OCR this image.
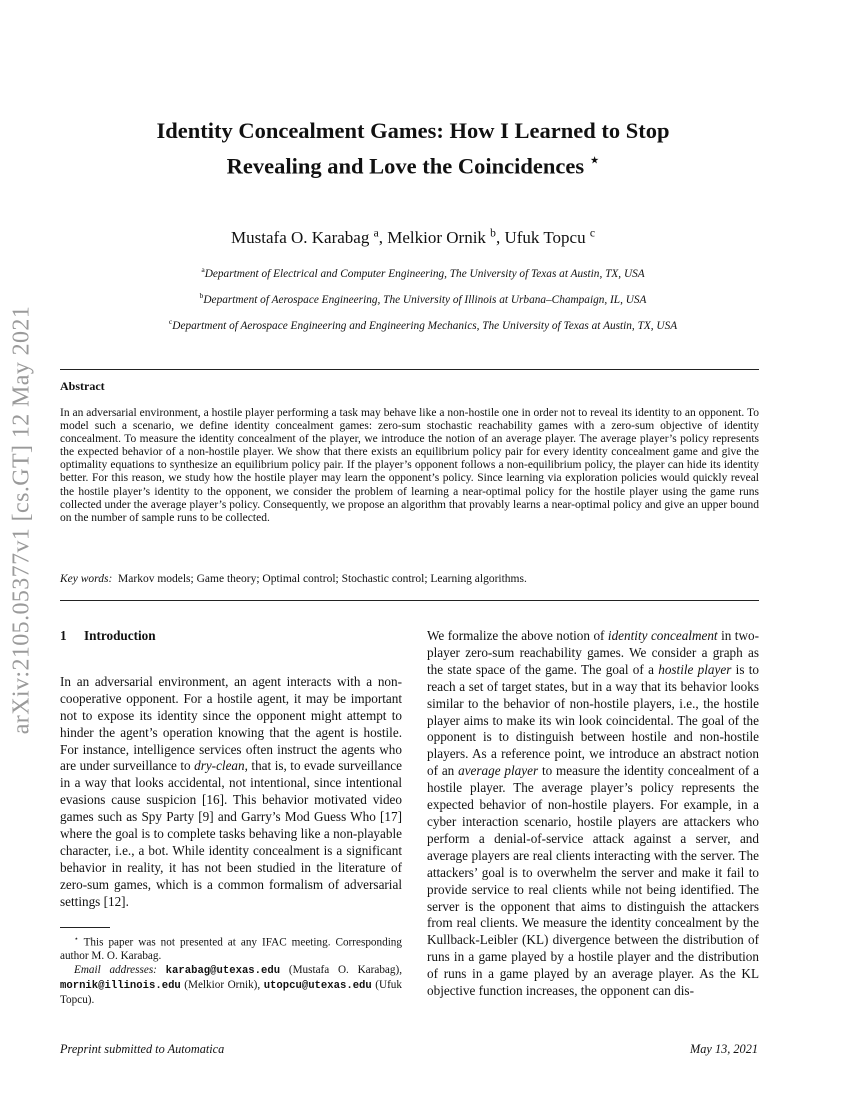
arXiv:2105.05377v1 [cs.GT] 12 May 2021
Identity Concealment Games: How I Learned to Stop
Revealing and Love the Coincidences ⋆
Mustafa O. Karabag $^a$, Melkior Ornik $^b$, Ufuk Topcu $^c$
$^a$Department of Electrical and Computer Engineering, The University of Texas at Austin, TX, USA
$^b$Department of Aerospace Engineering, The University of Illinois at Urbana–Champaign, IL, USA
$^c$Department of Aerospace Engineering and Engineering Mechanics, The University of Texas at Austin, TX, USA
Abstract
In an adversarial environment, a hostile player performing a task may behave like a non-hostile one in order not to reveal its identity to an opponent. To model such a scenario, we define identity concealment games: zero-sum stochastic reachability games with a zero-sum objective of identity concealment. To measure the identity concealment of the player, we introduce the notion of an average player. The average player’s policy represents the expected behavior of a non-hostile player. We show that there exists an equilibrium policy pair for every identity concealment game and give the optimality equations to synthesize an equilibrium policy pair. If the player’s opponent follows a non-equilibrium policy, the player can hide its identity better. For this reason, we study how the hostile player may learn the opponent’s policy. Since learning via exploration policies would quickly reveal the hostile player’s identity to the opponent, we consider the problem of learning a near-optimal policy for the hostile player using the game runs collected under the average player’s policy. Consequently, we propose an algorithm that provably learns a near-optimal policy and give an upper bound on the number of sample runs to be collected.
Key words: Markov models; Game theory; Optimal control; Stochastic control; Learning algorithms.
1 Introduction

In an adversarial environment, an agent interacts with a non-cooperative opponent. For a hostile agent, it may be important not to expose its identity since the opponent might attempt to hinder the agent’s operation knowing that the agent is hostile. For instance, intelligence services often instruct the agents who are under surveillance to dry-clean, that is, to evade surveillance in a way that looks accidental, not intentional, since intentional evasions cause suspicion [16]. This behavior motivated video games such as Spy Party [9] and Garry’s Mod Guess Who [17] where the goal is to complete tasks behaving like a non-playable character, i.e., a bot. While identity concealment is a significant behavior in reality, it has not been studied in the literature of zero-sum games, which is a common formalism of adversarial settings [12].

We formalize the above notion of identity concealment in two-player zero-sum reachability games. We consider a graph as the state space of the game. The goal of a hostile player is to reach a set of target states, but in a way that its behavior looks similar to the behavior of non-hostile players, i.e., the hostile player aims to make its win look coincidental. The goal of the opponent is to distinguish between hostile and non-hostile players. As a reference point, we introduce an abstract notion of an average player to measure the identity concealment of a hostile player. The average player’s policy represents the expected behavior of non-hostile players. For example, in a cyber interaction scenario, hostile players are attackers who perform a denial-of-service attack against a server, and average players are real clients interacting with the server. The attackers’ goal is to overwhelm the server and make it fail to provide service to real clients while not being identified. The server is the opponent that aims to distinguish the attackers from real clients. We measure the identity concealment by the Kullback-Leibler (KL) divergence between the distribution of runs in a game played by a hostile player and the distribution of runs in a game played by an average player. As the KL objective function increases, the opponent can dis-

⋆ This paper was not presented at any IFAC meeting. Corresponding author M. O. Karabag.

Email addresses: karabag@utexas.edu (Mustafa O. Karabag), mornik@illinois.edu (Melkior Ornik), utopcu@utexas.edu (Ufuk Topcu).

Preprint submitted to Automatica	May 13, 2021
